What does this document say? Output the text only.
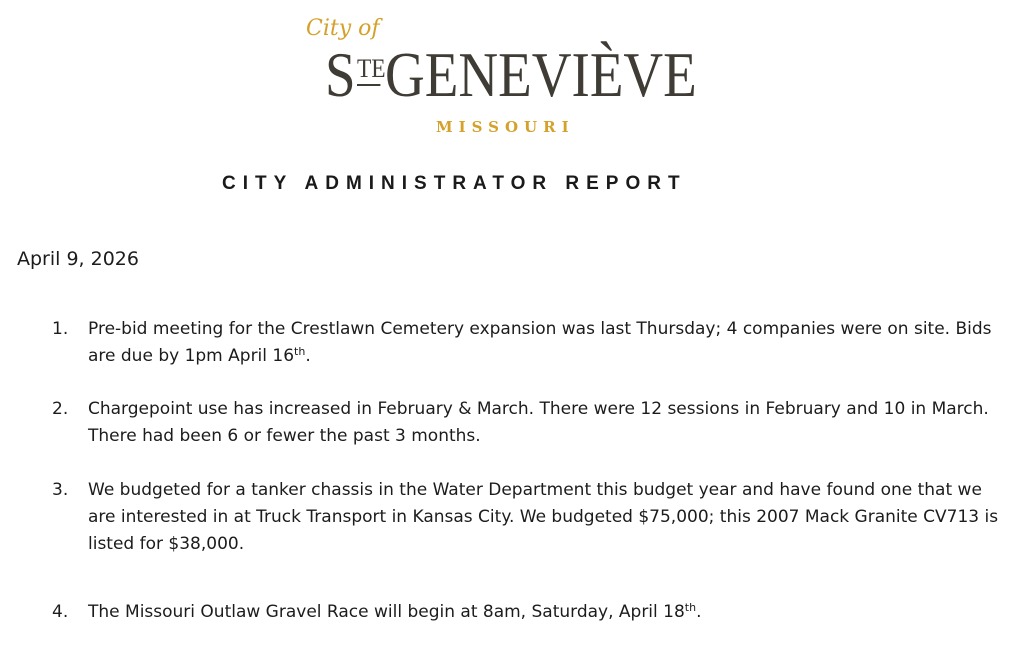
City of
S TE GENEVIÈVE
MISSOURI
CITY ADMINISTRATOR REPORT
April 9, 2026
1.	Pre-bid meeting for the Crestlawn Cemetery expansion was last Thursday; 4 companies were on site. Bids are due by 1pm April 16th.
2.	Chargepoint use has increased in February & March. There were 12 sessions in February and 10 in March. There had been 6 or fewer the past 3 months.
3.	We budgeted for a tanker chassis in the Water Department this budget year and have found one that we are interested in at Truck Transport in Kansas City. We budgeted $75,000; this 2007 Mack Granite CV713 is listed for $38,000.
4.	The Missouri Outlaw Gravel Race will begin at 8am, Saturday, April 18th.
